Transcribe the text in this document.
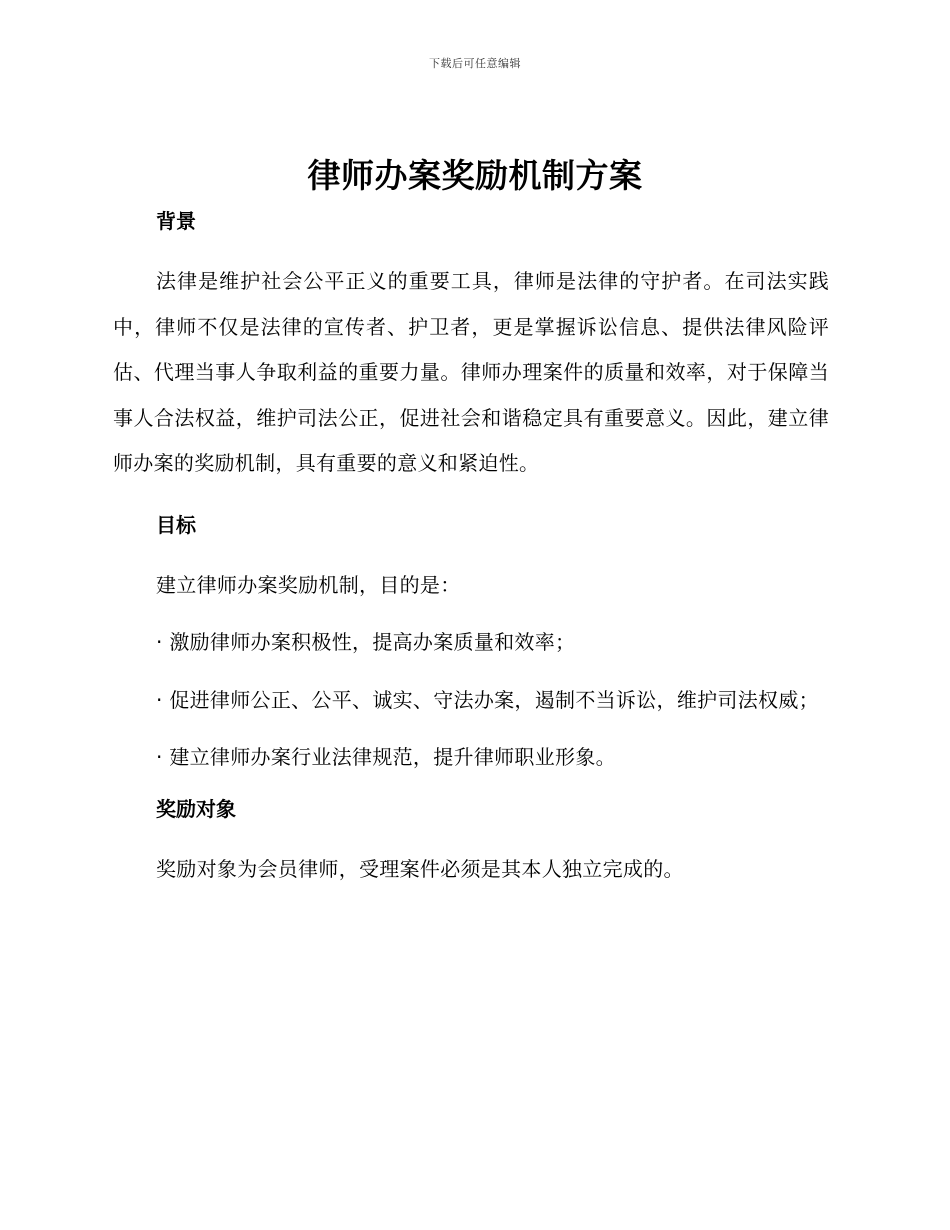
下载后可任意编辑
律师办案奖励机制方案
背景

法律是维护社会公平正义的重要工具，律师是法律的守护者。在司法实践中，律师不仅是法律的宣传者、护卫者，更是掌握诉讼信息、提供法律风险评估、代理当事人争取利益的重要力量。律师办理案件的质量和效率，对于保障当事人合法权益，维护司法公正，促进社会和谐稳定具有重要意义。因此，建立律师办案的奖励机制，具有重要的意义和紧迫性。

目标

建立律师办案奖励机制，目的是：

· 激励律师办案积极性，提高办案质量和效率；
· 促进律师公正、公平、诚实、守法办案，遏制不当诉讼，维护司法权威；
· 建立律师办案行业法律规范，提升律师职业形象。
奖励对象

奖励对象为会员律师，受理案件必须是其本人独立完成的。
